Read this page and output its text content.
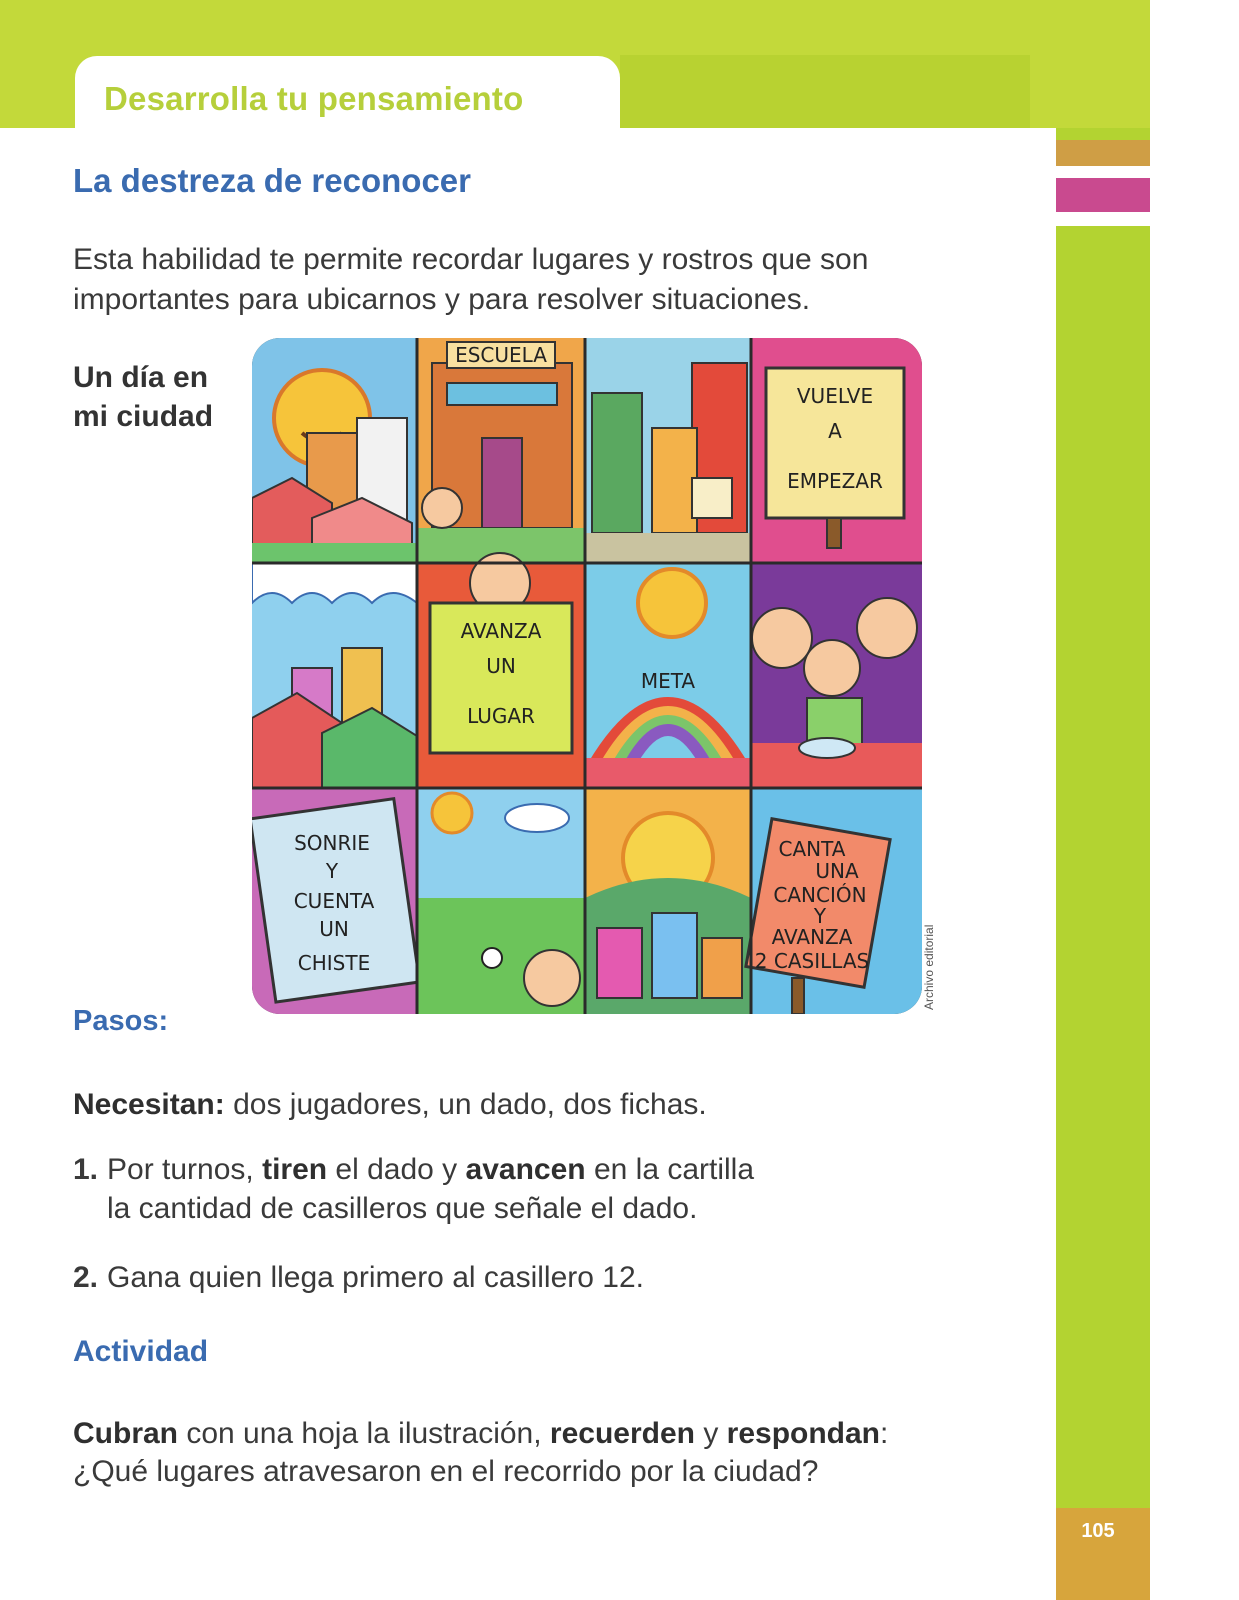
Desarrolla tu pensamiento
105
La destreza de reconocer

Esta habilidad te permite recordar lugares y rostros que son importantes para ubicarnos y para resolver situaciones.

Un día en
mi ciudad
ESCUELA
VUELVE
A
EMPEZAR
AVANZA
UN
LUGAR
META
SONRIE
Y
CUENTA
UN
CHISTE
CANTA
UNA
CANCIÓN
Y
AVANZA
2 CASILLAS	Archivo editorial
Pasos:

Necesitan: dos jugadores, un dado, dos fichas.

1. Por turnos, tiren el dado y avancen en la cartilla
la cantidad de casilleros que señale el dado.
2. Gana quien llega primero al casillero 12.
Actividad

Cubran con una hoja la ilustración, recuerden y respondan:
¿Qué lugares atravesaron en el recorrido por la ciudad?
